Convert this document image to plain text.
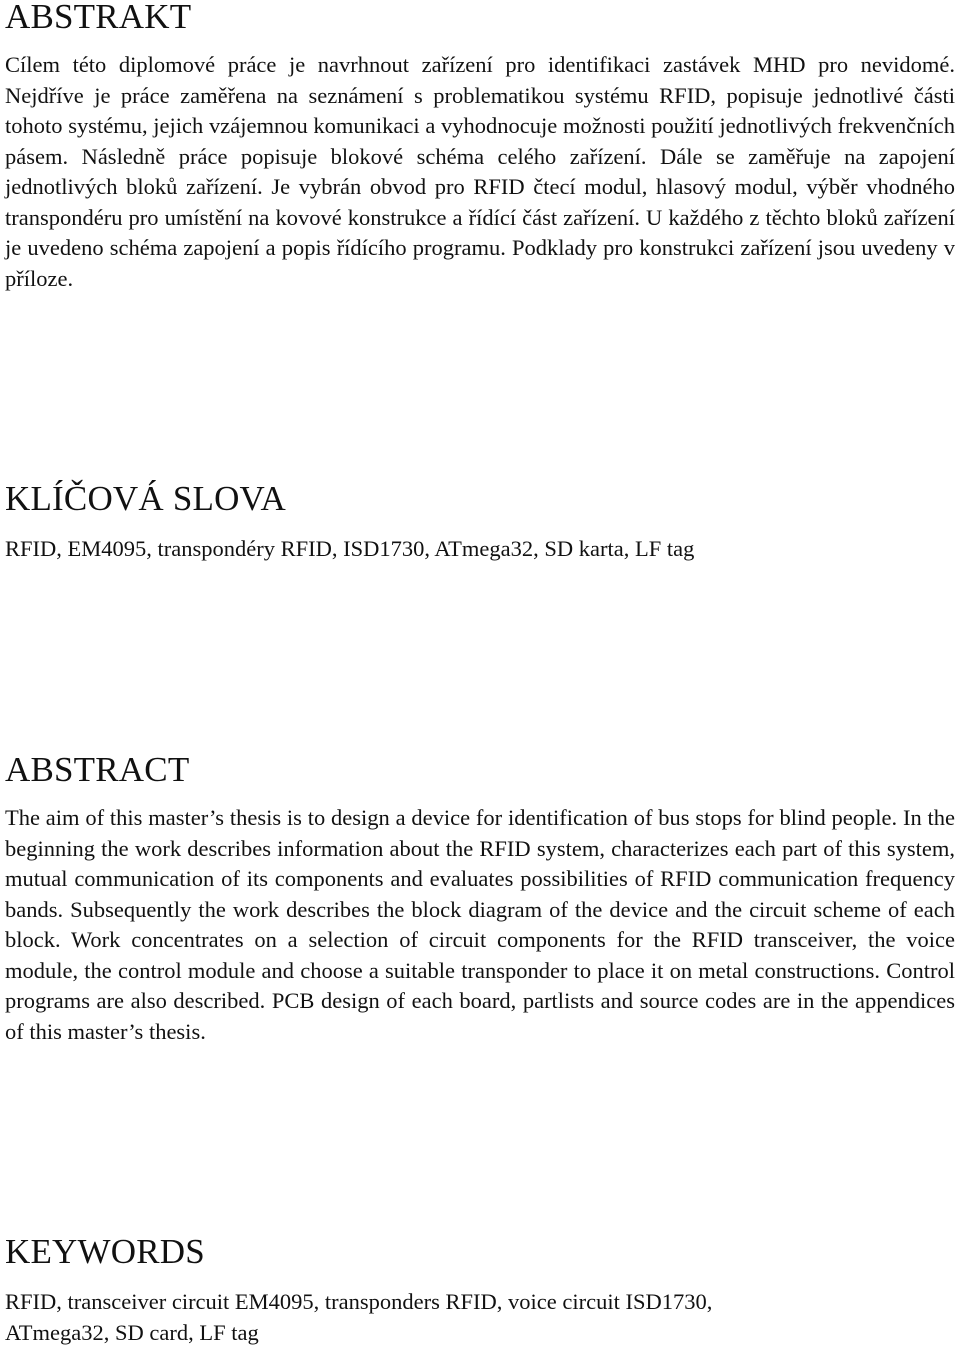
ABSTRAKT

Cílem této diplomové práce je navrhnout zařízení pro identifikaci zastávek MHD pro nevidomé. Nejdříve je práce zaměřena na seznámení s problematikou systému RFID, popisuje jednotlivé části tohoto systému, jejich vzájemnou komunikaci a vyhodnocuje možnosti použití jednotlivých frekvenčních pásem. Následně práce popisuje blokové schéma celého zařízení. Dále se zaměřuje na zapojení jednotlivých bloků zařízení. Je vybrán obvod pro RFID čtecí modul, hlasový modul, výběr vhodného transpondéru pro umístění na kovové konstrukce a řídící část zařízení. U každého z těchto bloků zařízení je uvedeno schéma zapojení a popis řídícího programu. Podklady pro konstrukci zařízení jsou uvedeny v příloze.

KLÍČOVÁ SLOVA

RFID, EM4095, transpondéry RFID, ISD1730, ATmega32, SD karta, LF tag

ABSTRACT

The aim of this master’s thesis is to design a device for identification of bus stops for blind people. In the beginning the work describes information about the RFID system, characterizes each part of this system, mutual communication of its components and evaluates possibilities of RFID communication frequency bands. Subsequently the work describes the block diagram of the device and the circuit scheme of each block. Work concentrates on a selection of circuit components for the RFID transceiver, the voice module, the control module and choose a suitable transponder to place it on metal constructions. Control programs are also described. PCB design of each board, partlists and source codes are in the appendices of this master’s thesis.

KEYWORDS

RFID, transceiver circuit EM4095, transponders RFID, voice circuit ISD1730,
ATmega32, SD card, LF tag
